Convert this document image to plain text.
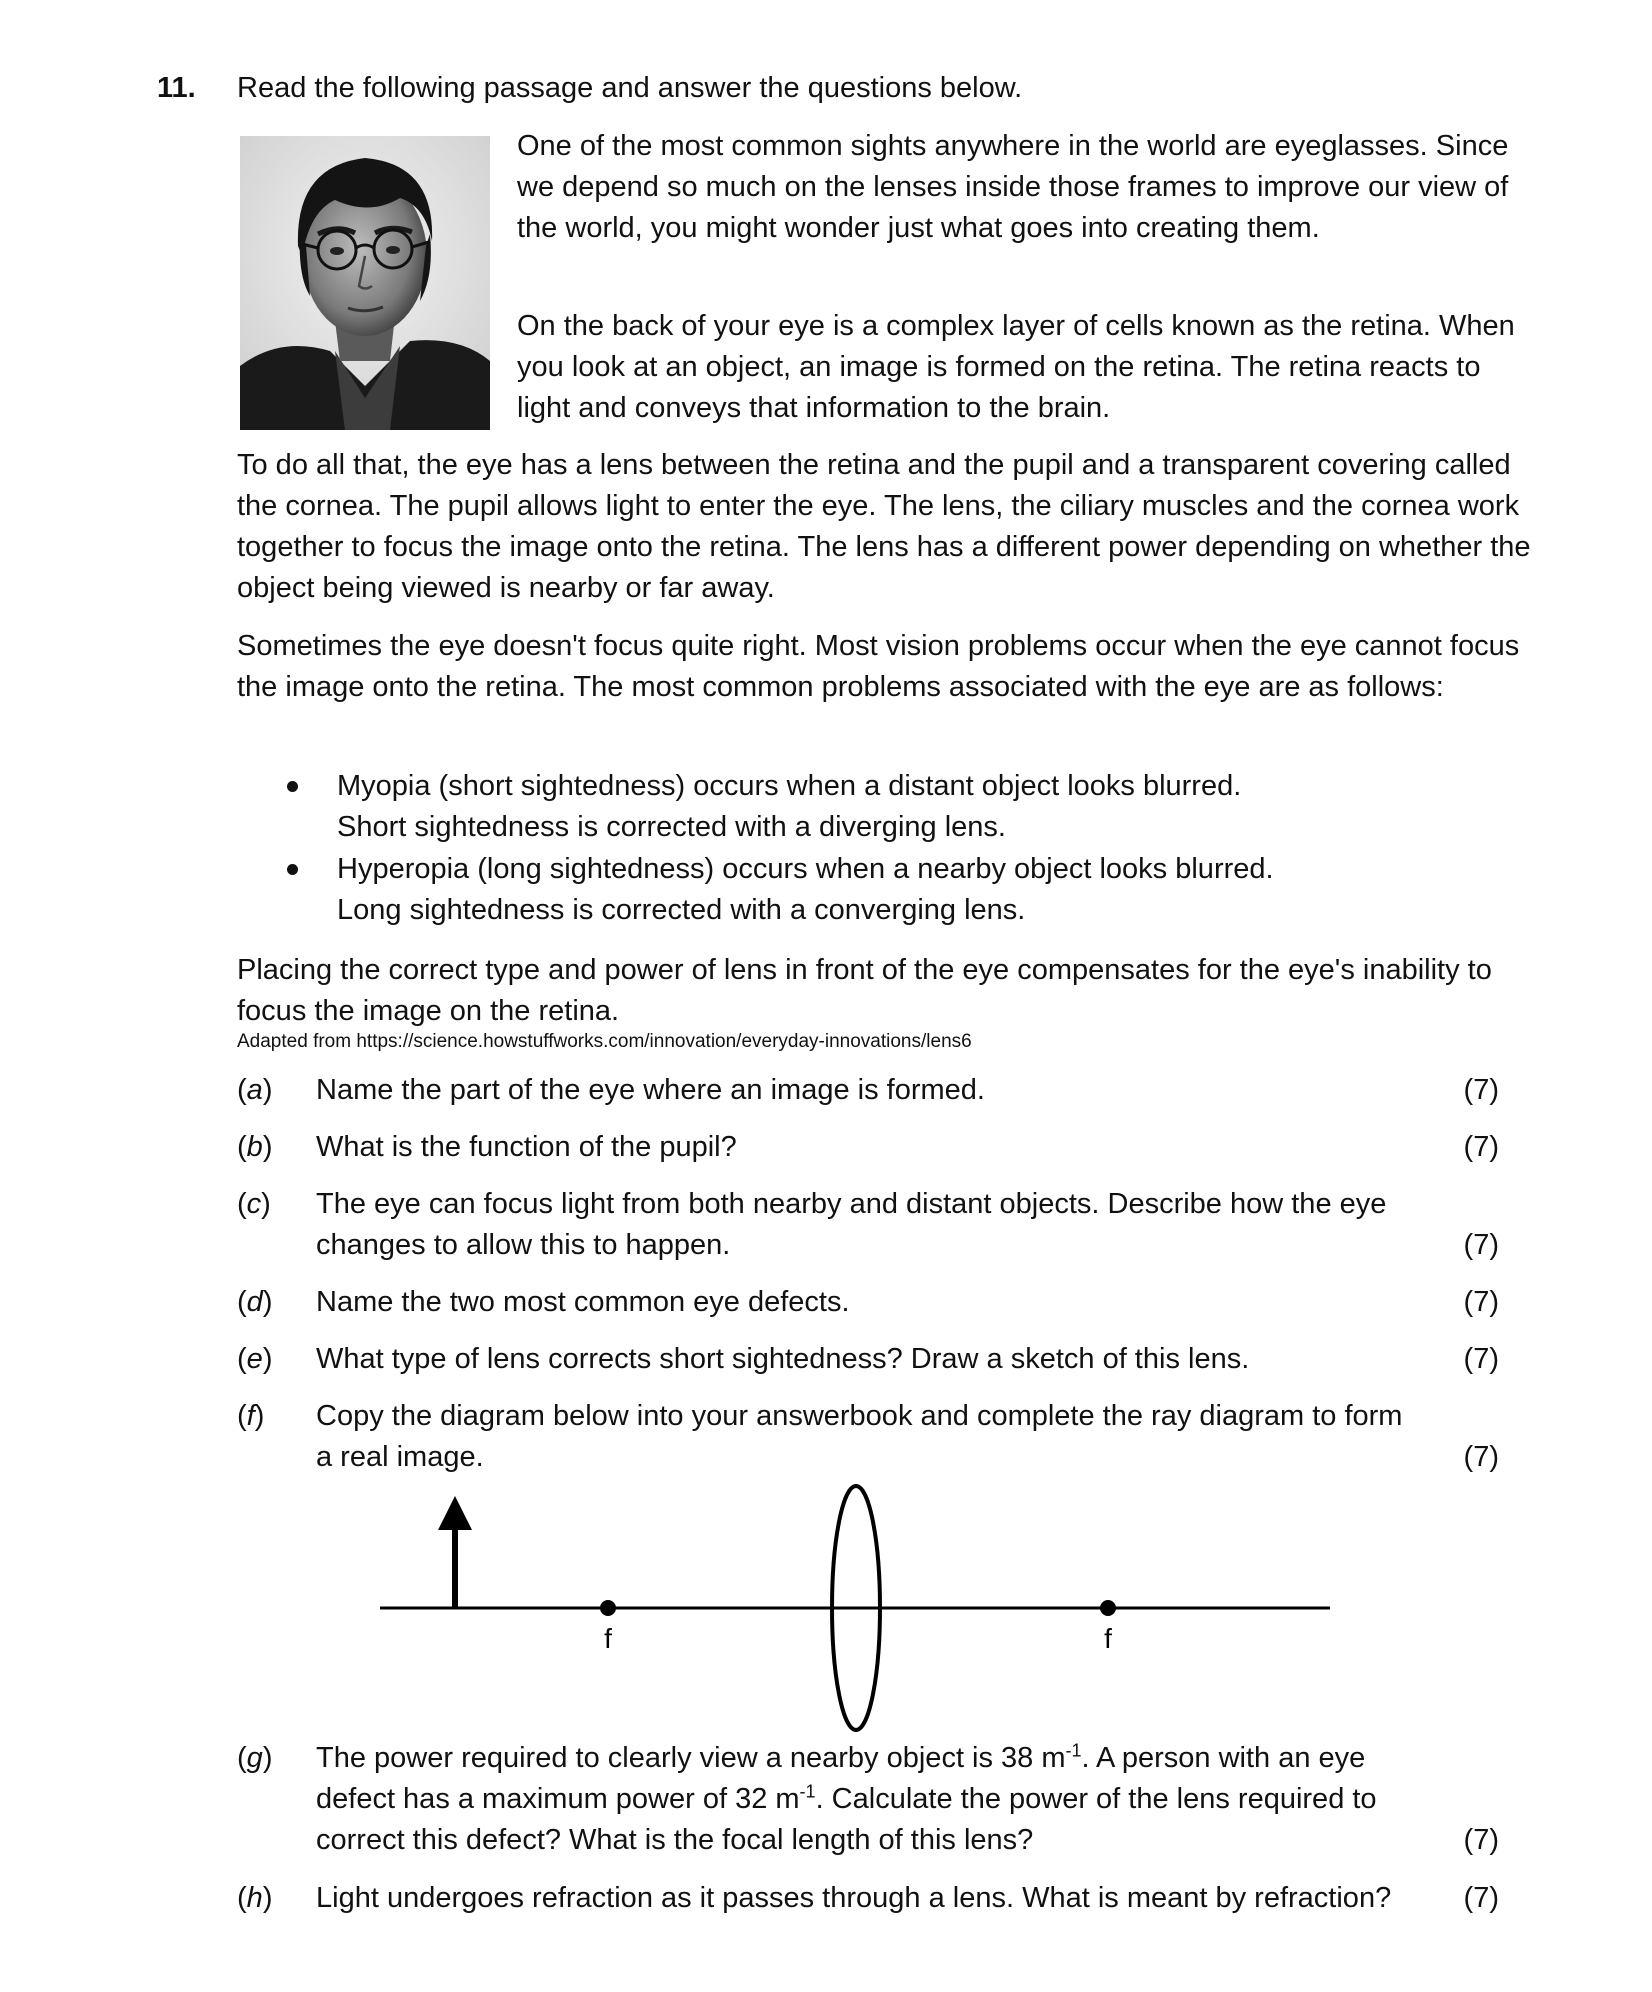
11. Read the following passage and answer the questions below.

One of the most common sights anywhere in the world are eyeglasses. Since we depend so much on the lenses inside those frames to improve our view of the world, you might wonder just what goes into creating them.

On the back of your eye is a complex layer of cells known as the retina. When you look at an object, an image is formed on the retina. The retina reacts to light and conveys that information to the brain.

To do all that, the eye has a lens between the retina and the pupil and a transparent covering called the cornea. The pupil allows light to enter the eye. The lens, the ciliary muscles and the cornea work together to focus the image onto the retina. The lens has a different power depending on whether the object being viewed is nearby or far away.

Sometimes the eye doesn't focus quite right. Most vision problems occur when the eye cannot focus the image onto the retina. The most common problems associated with the eye are as follows:

Myopia (short sightedness) occurs when a distant object looks blurred.
Short sightedness is corrected with a diverging lens.
Hyperopia (long sightedness) occurs when a nearby object looks blurred.
Long sightedness is corrected with a converging lens.

Placing the correct type and power of lens in front of the eye compensates for the eye's inability to focus the image on the retina.

Adapted from https://science.howstuffworks.com/innovation/everyday-innovations/lens6
(a) Name the part of the eye where an image is formed.	(7)
(b) What is the function of the pupil?	(7)
(c) The eye can focus light from both nearby and distant objects. Describe how the eye
changes to allow this to happen.	(7)
(d) Name the two most common eye defects.	(7)
(e) What type of lens corrects short sightedness? Draw a sketch of this lens.	(7)
(f) Copy the diagram below into your answerbook and complete the ray diagram to form
a real image.	(7)
f	f
(g) The power required to clearly view a nearby object is 38 $m^{-1}$. A person with an eye
defect has a maximum power of 32 $m^{-1}$. Calculate the power of the lens required to
correct this defect? What is the focal length of this lens?	(7)
(h) Light undergoes refraction as it passes through a lens. What is meant by refraction?	(7)
